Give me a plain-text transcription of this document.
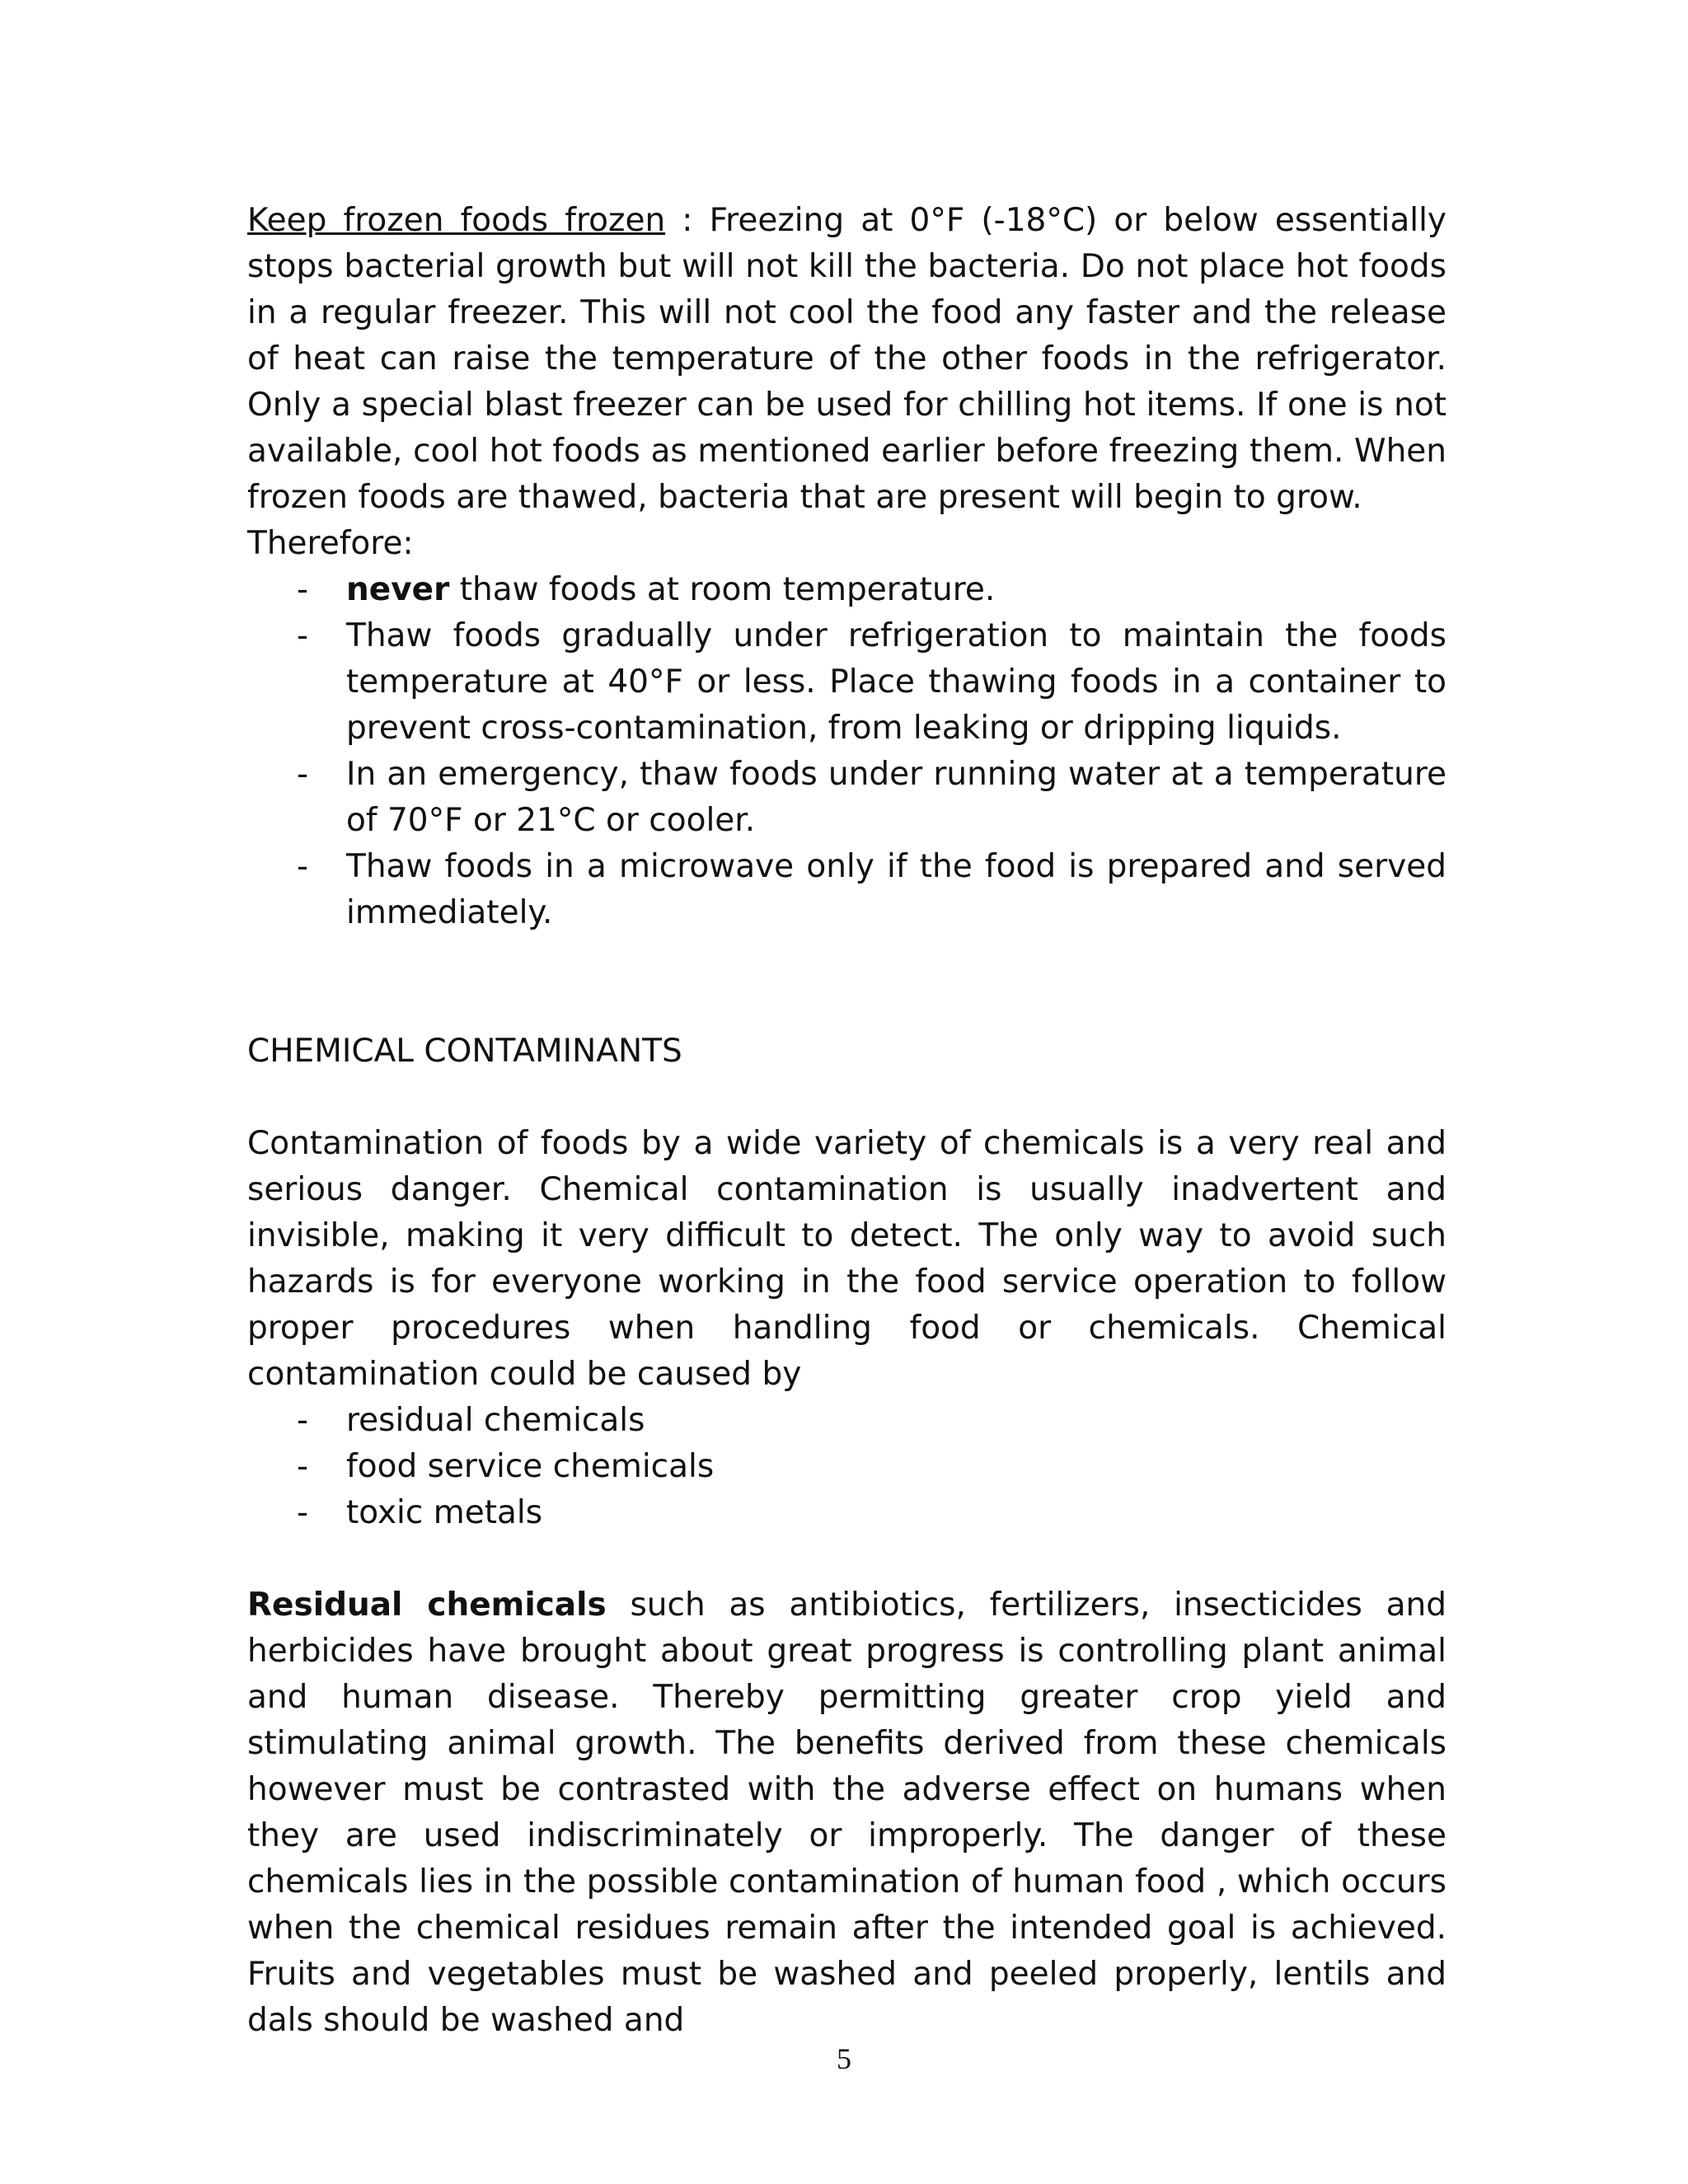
Keep frozen foods frozen : Freezing at 0°F (-18°C) or below essentially stops bacterial growth but will not kill the bacteria. Do not place hot foods in a regular freezer. This will not cool the food any faster and the release of heat can raise the temperature of the other foods in the refrigerator. Only a special blast freezer can be used for chilling hot items. If one is not available, cool hot foods as mentioned earlier before freezing them. When frozen foods are thawed, bacteria that are present will begin to grow.

Therefore:

- never thaw foods at room temperature.
- Thaw foods gradually under refrigeration to maintain the foods temperature at 40°F or less. Place thawing foods in a container to prevent cross-contamination, from leaking or dripping liquids.
- In an emergency, thaw foods under running water at a temperature of 70°F or 21°C or cooler.
- Thaw foods in a microwave only if the food is prepared and served immediately.
CHEMICAL CONTAMINANTS

Contamination of foods by a wide variety of chemicals is a very real and serious danger. Chemical contamination is usually inadvertent and invisible, making it very difficult to detect. The only way to avoid such hazards is for everyone working in the food service operation to follow proper procedures when handling food or chemicals. Chemical contamination could be caused by

- residual chemicals
- food service chemicals
- toxic metals

Residual chemicals such as antibiotics, fertilizers, insecticides and herbicides have brought about great progress is controlling plant animal and human disease. Thereby permitting greater crop yield and stimulating animal growth. The benefits derived from these chemicals however must be contrasted with the adverse effect on humans when they are used indiscriminately or improperly. The danger of these chemicals lies in the possible contamination of human food , which occurs when the chemical residues remain after the intended goal is achieved. Fruits and vegetables must be washed and peeled properly, lentils and dals should be washed and

5
